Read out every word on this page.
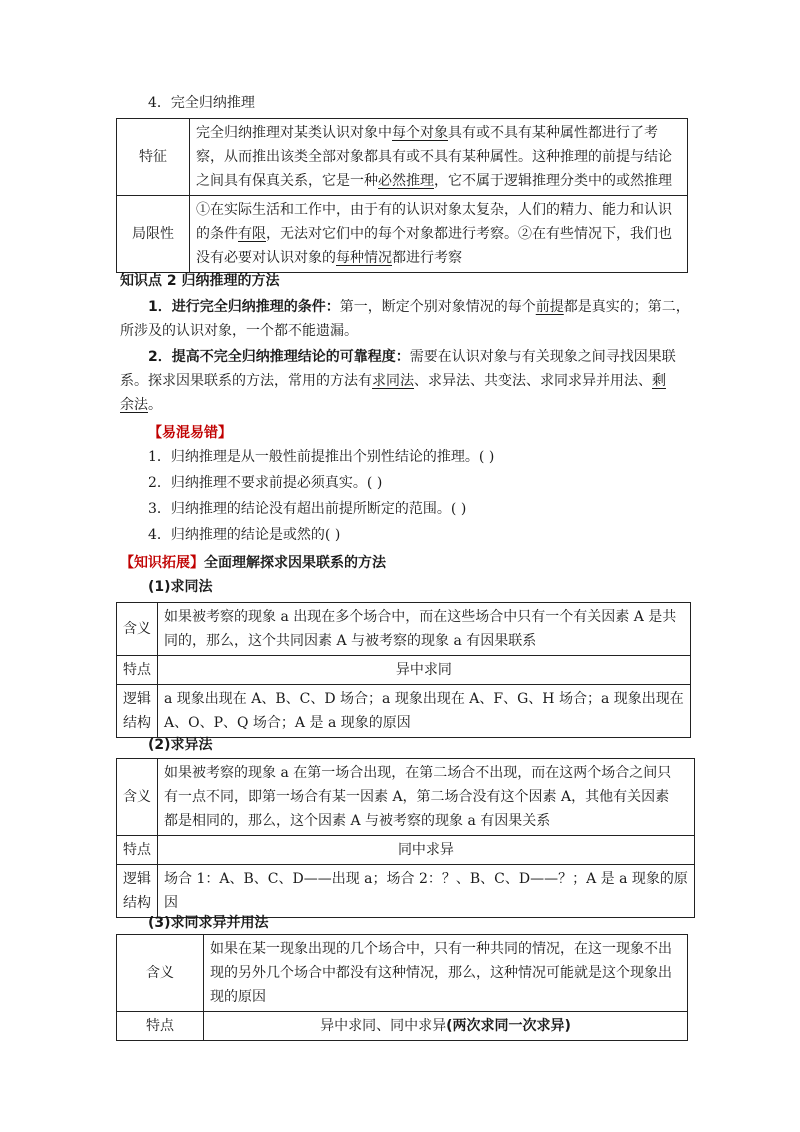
4．完全归纳推理
特征	完全归纳推理对某类认识对象中每个对象具有或不具有某种属性都进行了考
察，从而推出该类全部对象都具有或不具有某种属性。这种推理的前提与结论
之间具有保真关系，它是一种必然推理，它不属于逻辑推理分类中的或然推理

局限性	①在实际生活和工作中，由于有的认识对象太复杂，人们的精力、能力和认识
的条件有限，无法对它们中的每个对象都进行考察。②在有些情况下，我们也
没有必要对认识对象的每种情况都进行考察
知识点 2 归纳推理的方法
1．进行完全归纳推理的条件：第一，断定个别对象情况的每个前提都是真实的；第二，
所涉及的认识对象，一个都不能遗漏。
2．提高不完全归纳推理结论的可靠程度：需要在认识对象与有关现象之间寻找因果联
系。探求因果联系的方法，常用的方法有求同法、求异法、共变法、求同求异并用法、剩
余法。
【易混易错】
1．归纳推理是从一般性前提推出个别性结论的推理。( )
2．归纳推理不要求前提必须真实。( )
3．归纳推理的结论没有超出前提所断定的范围。( )
4．归纳推理的结论是或然的( )
【知识拓展】全面理解探求因果联系的方法
(1)求同法
含义	如果被考察的现象 a 出现在多个场合中，而在这些场合中只有一个有关因素 A 是共
同的，那么，这个共同因素 A 与被考察的现象 a 有因果联系

特点	异中求同

逻辑
结构	a 现象出现在 A、B、C、D 场合；a 现象出现在 A、F、G、H 场合；a 现象出现在
A、O、P、Q 场合；A 是 a 现象的原因
(2)求异法
含义	如果被考察的现象 a 在第一场合出现，在第二场合不出现，而在这两个场合之间只
有一点不同，即第一场合有某一因素 A，第二场合没有这个因素 A，其他有关因素
都是相同的，那么，这个因素 A 与被考察的现象 a 有因果关系

特点	同中求异

逻辑
结构	场合 1：A、B、C、D——出现 a；场合 2：？、B、C、D——？；A 是 a 现象的原
因
(3)求同求异并用法
含义	如果在某一现象出现的几个场合中，只有一种共同的情况，在这一现象不出
现的另外几个场合中都没有这种情况，那么，这种情况可能就是这个现象出
现的原因

特点	异中求同、同中求异(两次求同一次求异)
